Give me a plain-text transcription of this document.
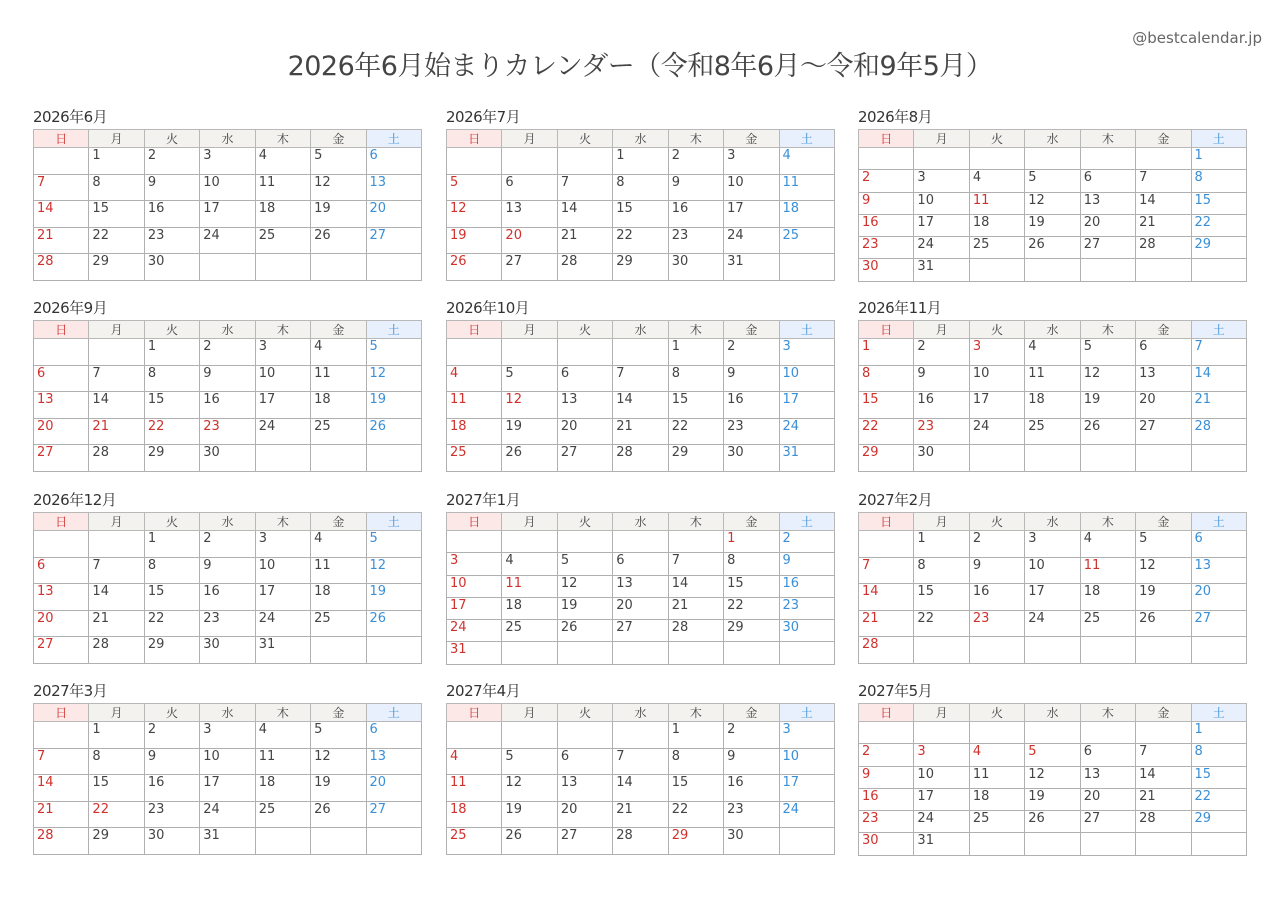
2026年6月始まりカレンダー（令和8年6月～令和9年5月）
@bestcalendar.jp
2026年6月
日	月	火	水	木	金	土
	1	2	3	4	5	6
7	8	9	10	11	12	13
14	15	16	17	18	19	20
21	22	23	24	25	26	27
28	29	30				
2026年7月
日	月	火	水	木	金	土
			1	2	3	4
5	6	7	8	9	10	11
12	13	14	15	16	17	18
19	20	21	22	23	24	25
26	27	28	29	30	31	
2026年8月
日	月	火	水	木	金	土
						1
2	3	4	5	6	7	8
9	10	11	12	13	14	15
16	17	18	19	20	21	22
23	24	25	26	27	28	29
30	31					
2026年9月
日	月	火	水	木	金	土
		1	2	3	4	5
6	7	8	9	10	11	12
13	14	15	16	17	18	19
20	21	22	23	24	25	26
27	28	29	30			
2026年10月
日	月	火	水	木	金	土
				1	2	3
4	5	6	7	8	9	10
11	12	13	14	15	16	17
18	19	20	21	22	23	24
25	26	27	28	29	30	31
2026年11月
日	月	火	水	木	金	土
1	2	3	4	5	6	7
8	9	10	11	12	13	14
15	16	17	18	19	20	21
22	23	24	25	26	27	28
29	30					
2026年12月
日	月	火	水	木	金	土
		1	2	3	4	5
6	7	8	9	10	11	12
13	14	15	16	17	18	19
20	21	22	23	24	25	26
27	28	29	30	31		
2027年1月
日	月	火	水	木	金	土
					1	2
3	4	5	6	7	8	9
10	11	12	13	14	15	16
17	18	19	20	21	22	23
24	25	26	27	28	29	30
31						
2027年2月
日	月	火	水	木	金	土
	1	2	3	4	5	6
7	8	9	10	11	12	13
14	15	16	17	18	19	20
21	22	23	24	25	26	27
28						
2027年3月
日	月	火	水	木	金	土
	1	2	3	4	5	6
7	8	9	10	11	12	13
14	15	16	17	18	19	20
21	22	23	24	25	26	27
28	29	30	31			
2027年4月
日	月	火	水	木	金	土
				1	2	3
4	5	6	7	8	9	10
11	12	13	14	15	16	17
18	19	20	21	22	23	24
25	26	27	28	29	30	
2027年5月
日	月	火	水	木	金	土
						1
2	3	4	5	6	7	8
9	10	11	12	13	14	15
16	17	18	19	20	21	22
23	24	25	26	27	28	29
30	31					
